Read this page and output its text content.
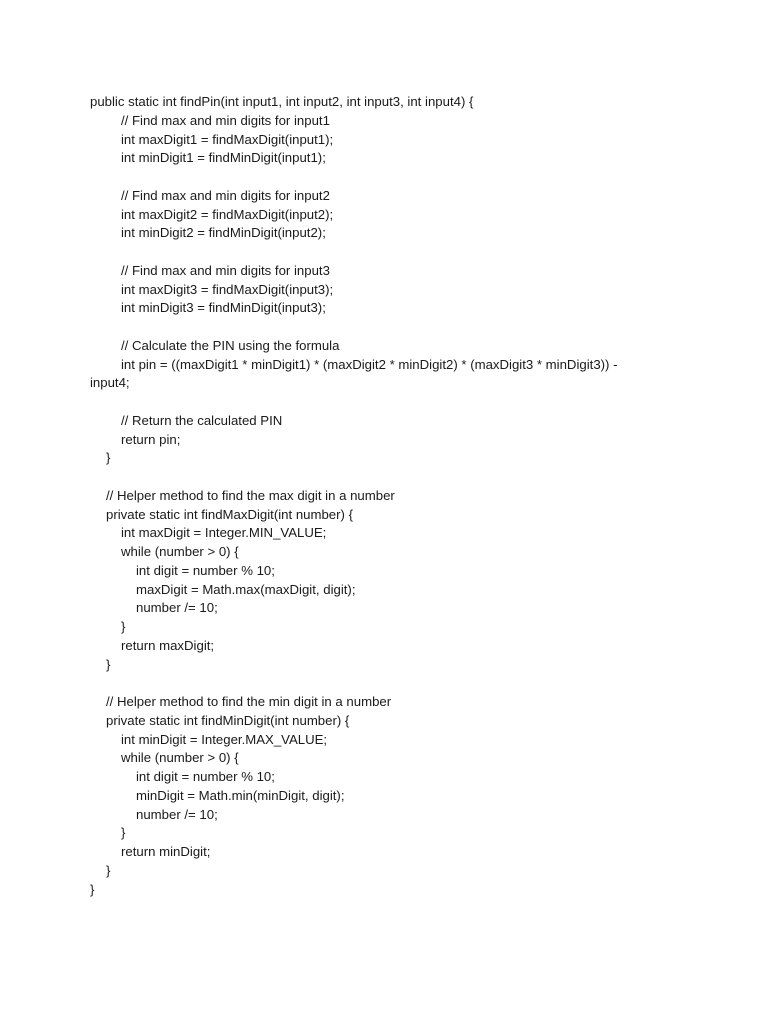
public static int findPin(int input1, int input2, int input3, int input4) {
// Find max and min digits for input1
int maxDigit1 = findMaxDigit(input1);
int minDigit1 = findMinDigit(input1);
// Find max and min digits for input2
int maxDigit2 = findMaxDigit(input2);
int minDigit2 = findMinDigit(input2);
// Find max and min digits for input3
int maxDigit3 = findMaxDigit(input3);
int minDigit3 = findMinDigit(input3);
// Calculate the PIN using the formula
int pin = ((maxDigit1 * minDigit1) * (maxDigit2 * minDigit2) * (maxDigit3 * minDigit3)) -
input4;
// Return the calculated PIN
return pin;
}
// Helper method to find the max digit in a number
private static int findMaxDigit(int number) {
int maxDigit = Integer.MIN_VALUE;
while (number > 0) {
int digit = number % 10;
maxDigit = Math.max(maxDigit, digit);
number /= 10;
}
return maxDigit;
}
// Helper method to find the min digit in a number
private static int findMinDigit(int number) {
int minDigit = Integer.MAX_VALUE;
while (number > 0) {
int digit = number % 10;
minDigit = Math.min(minDigit, digit);
number /= 10;
}
return minDigit;
}
}
